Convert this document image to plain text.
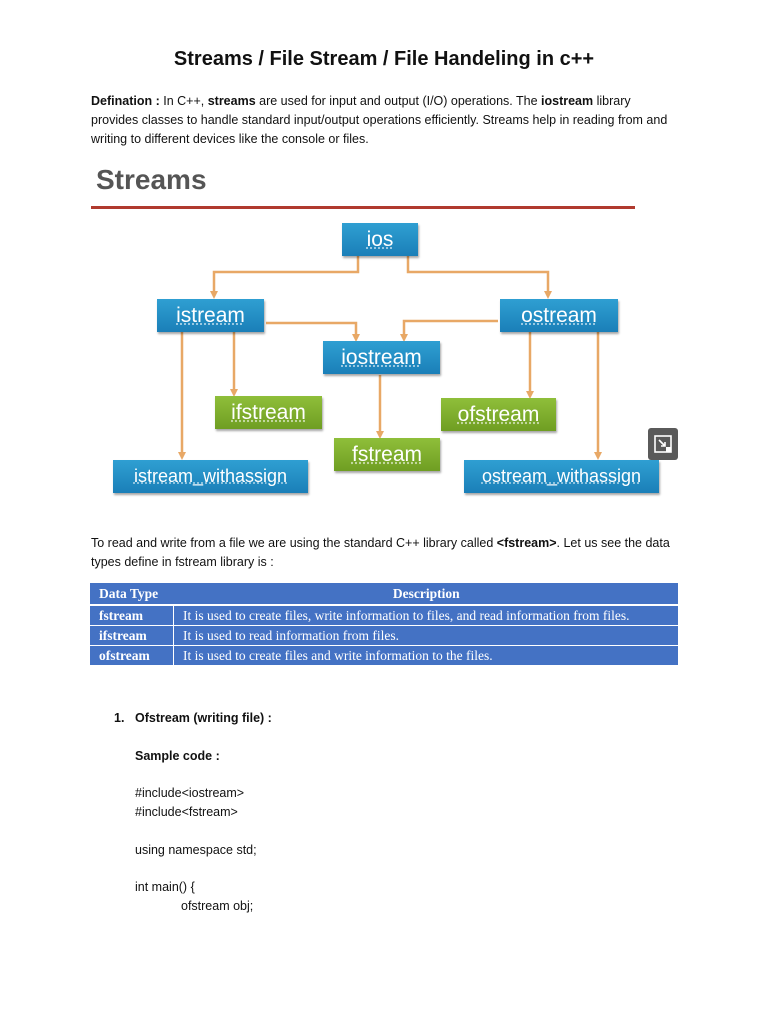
Streams / File Stream / File Handeling in c++
Defination : In C++, streams are used for input and output (I/O) operations. The iostream library provides classes to handle standard input/output operations efficiently. Streams help in reading from and writing to different devices like the console or files.
Streams
ios
istream	ostream
iostream
ifstream	ofstream
fstream
istream_withassign	ostream_withassign
To read and write from a file we are using the standard C++ library called <fstream>. Let us see the data types define in fstream library is :
Data Type	Description
fstream	It is used to create files, write information to files, and read information from files.
ifstream	It is used to read information from files.
ofstream	It is used to create files and write information to the files.
1. Ofstream (writing file) :
Sample code :
#include<iostream>
#include<fstream>
using namespace std;
int main() {
ofstream obj;
